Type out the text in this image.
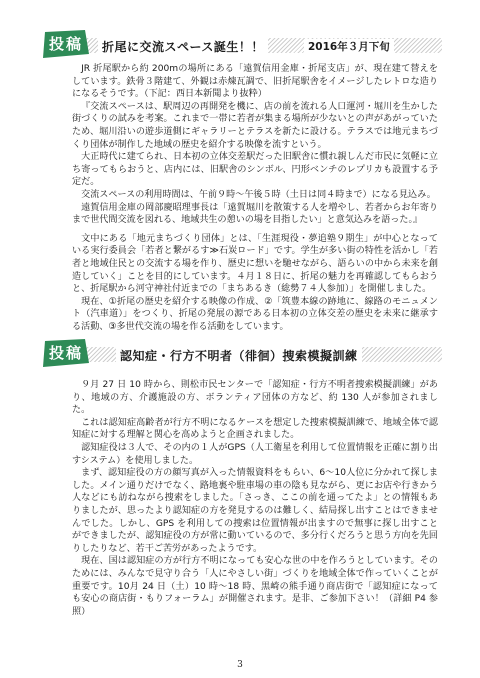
投稿	折尾に交流スペース誕生！！	2016年３月下旬

JR 折尾駅から約 200mの場所にある「遠賀信用金庫・折尾支店」が、現在建て替えをしています。鉄骨３階建て、外観は赤煉瓦調で、旧折尾駅舎をイメージしたレトロな造りになるそうです。（下記：西日本新聞より抜粋）

『交流スペースは、駅周辺の再開発を機に、店の前を流れる人口運河・堀川を生かした街づくりの試みを考案。これまで一帯に若者が集まる場所が少ないとの声があがっていたため、堀川沿いの遊歩道側にギャラリーとテラスを新たに設ける。テラスでは地元まちづくり団体が制作した地域の歴史を紹介する映像を流すという。

大正時代に建てられ、日本初の立体交差駅だった旧駅舎に慣れ親しんだ市民に気軽に立ち寄ってもらおうと、店内には、旧駅舎のシンボル、円形ベンチのレプリカも設置する予定だ。

交流スペースの利用時間は、午前９時〜午後５時（土日は同４時まで）になる見込み。

遠賀信用金庫の岡部慶昭理事長は「遠賀堀川を散策する人を増やし、若者からお年寄りまで世代間交流を図れる、地域共生の憩いの場を目指したい」と意気込みを語った。』

文中にある「地元まちづくり団体」とは、「生涯現役・夢追塾９期生」が中心となっている実行委員会「若者と繋がるす≫石炭ロード」です。学生が多い街の特性を活かし「若者と地域住民との交流する場を作り、歴史に想いを馳せながら、語らいの中から未来を創造していく」ことを目的にしています。４月１８日に、折尾の魅力を再確認してもらおうと、折尾駅から河守神社付近までの「まちあるき（総勢７４人参加）」を開催しました。

現在、①折尾の歴史を紹介する映像の作成、②「筑豊本線の跡地に、線路のモニュメント（汽車道）」をつくり、折尾の発展の源である日本初の立体交差の歴史を未来に継承する活動、③多世代交流の場を作る活動をしています。

投稿	認知症・行方不明者（徘徊）捜索模擬訓練

９月 27 日 10 時から、則松市民センターで「認知症・行方不明者捜索模擬訓練」があり、地域の方、介護施設の方、ボランティア団体の方など、約 130 人が参加されました。

これは認知症高齢者が行方不明になるケースを想定した捜索模擬訓練で、地域全体で認知症に対する理解と関心を高めようと企画されました。

認知症役は３人で、その内の１人がGPS（人工衛星を利用して位置情報を正確に割り出すシステム）を使用しました。

まず、認知症役の方の顔写真が入った情報資料をもらい、6〜10人位に分かれて探しました。メイン通りだけでなく、路地裏や駐車場の車の陰も見ながら、更にお店や行きかう人などにも訪ねながら捜索をしました。「さっき、ここの前を通ってたよ」との情報もありましたが、思ったより認知症の方を発見するのは難しく、結局探し出すことはできませんでした。しかし、GPS を利用しての捜索は位置情報が出ますので無事に探し出すことができましたが、認知症役の方が常に動いているので、多分行くだろうと思う方向を先回りしたりなど、若干ご苦労があったようです。

現在、国は認知症の方が行方不明になっても安心な世の中を作ろうとしています。そのためには、みんなで見守り合う「人にやさしい街」づくりを地域全体で作っていくことが重要です。10月 24 日（土）10 時〜18 時、黒崎の熊手通り商店街で「認知症になっても安心の商店街・もりフォーラム」が開催されます。是非、ご参加下さい！（詳細 P4 参照）

3
